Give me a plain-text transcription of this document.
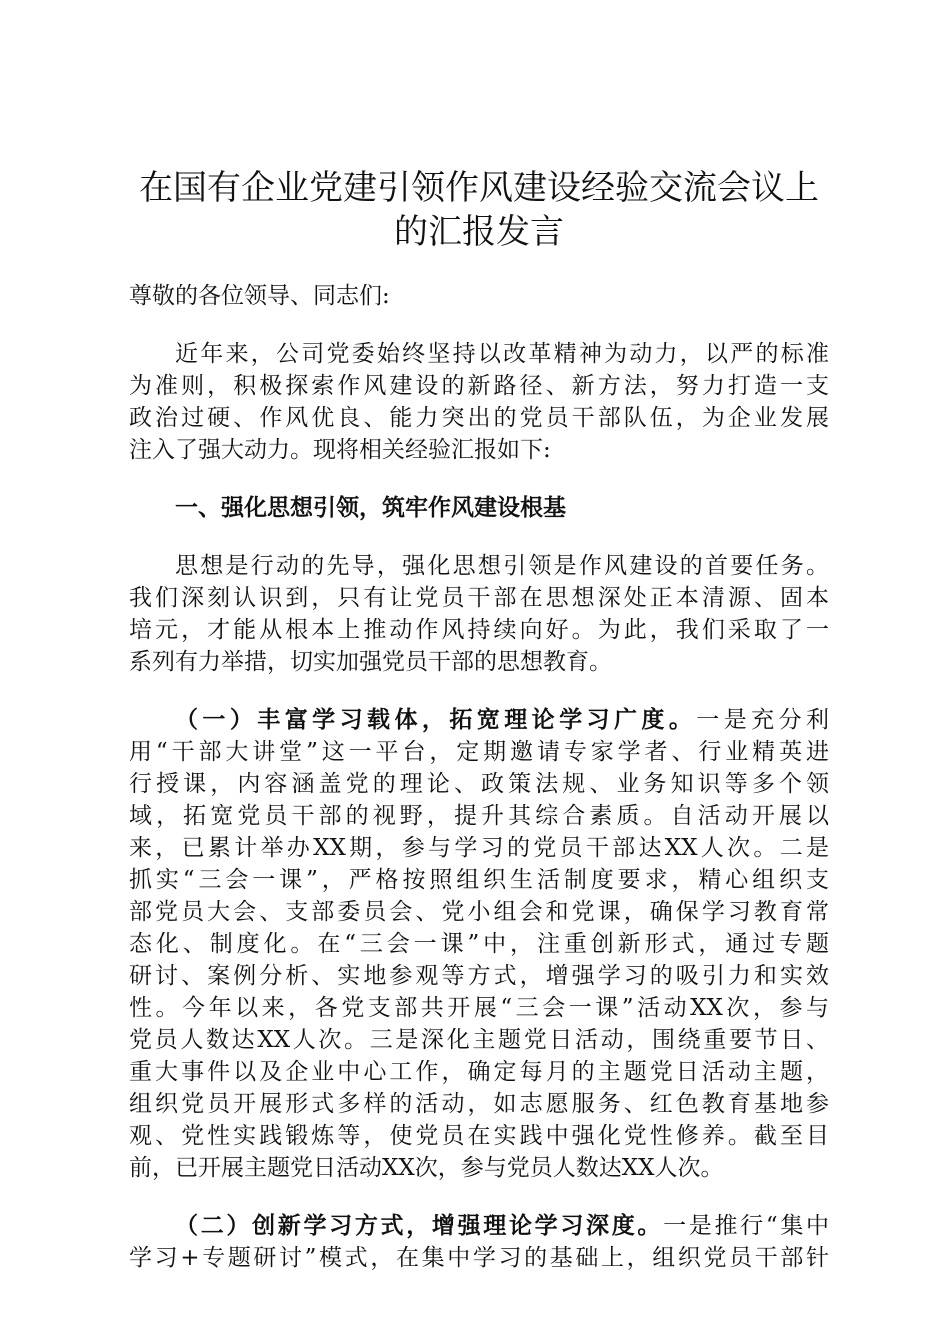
在国有企业党建引领作风建设经验交流会议上
的汇报发言

尊敬的各位领导、同志们:

近年来，公司党委始终坚持以改革精神为动力，以严的标准
为准则，积极探索作风建设的新路径、新方法，努力打造一支
政治过硬、作风优良、能力突出的党员干部队伍，为企业发展
注入了强大动力。现将相关经验汇报如下:

一、强化思想引领，筑牢作风建设根基

思想是行动的先导，强化思想引领是作风建设的首要任务。
我们深刻认识到，只有让党员干部在思想深处正本清源、固本
培元，才能从根本上推动作风持续向好。为此，我们采取了一
系列有力举措，切实加强党员干部的思想教育。
（一）丰富学习载体，拓宽理论学习广度。一是充分利
用“干部大讲堂”这一平台，定期邀请专家学者、行业精英进
行授课，内容涵盖党的理论、政策法规、业务知识等多个领
域，拓宽党员干部的视野，提升其综合素质。自活动开展以
来，已累计举办XX期，参与学习的党员干部达XX人次。二是
抓实“三会一课”，严格按照组织生活制度要求，精心组织支
部党员大会、支部委员会、党小组会和党课，确保学习教育常
态化、制度化。在“三会一课”中，注重创新形式，通过专题
研讨、案例分析、实地参观等方式，增强学习的吸引力和实效
性。今年以来，各党支部共开展“三会一课”活动XX次，参与
党员人数达XX人次。三是深化主题党日活动，围绕重要节日、
重大事件以及企业中心工作，确定每月的主题党日活动主题，
组织党员开展形式多样的活动，如志愿服务、红色教育基地参
观、党性实践锻炼等，使党员在实践中强化党性修养。截至目
前，已开展主题党日活动XX次，参与党员人数达XX人次。
（二）创新学习方式，增强理论学习深度。一是推行“集中
学习+专题研讨”模式，在集中学习的基础上，组织党员干部针
